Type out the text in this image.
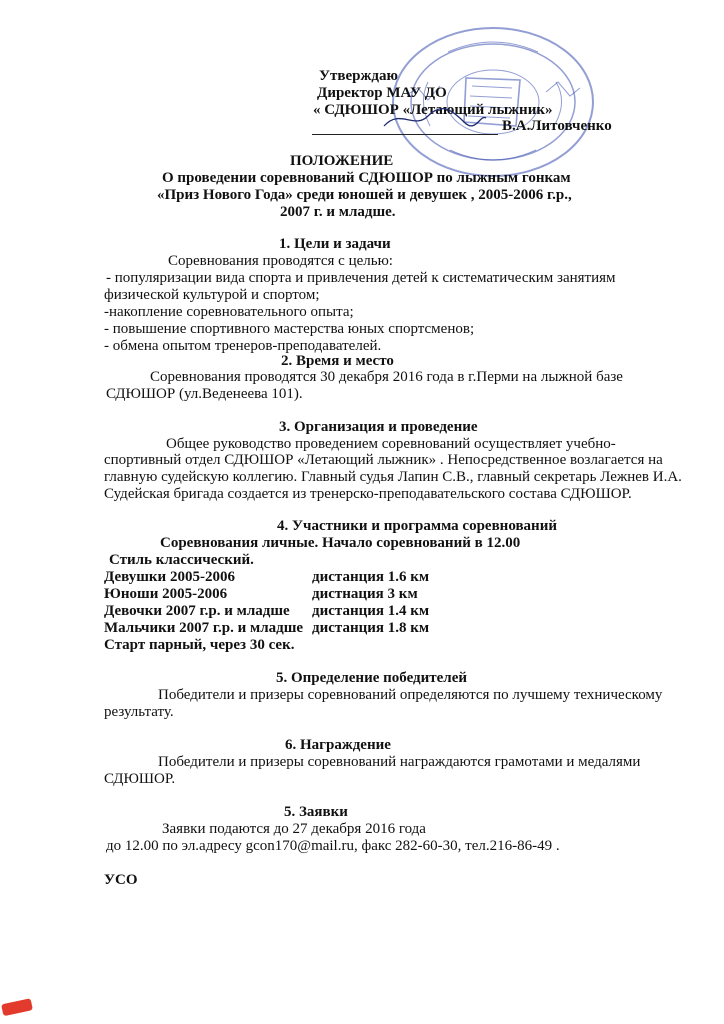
Утверждаю
Директор МАУ ДО
« СДЮШОР «Летающий лыжник»
В.А.Литовченко
ПОЛОЖЕНИЕ
О проведении соревнований СДЮШОР по лыжным гонкам
«Приз Нового Года» среди юношей и девушек , 2005-2006 г.р.,
2007 г. и младше.
1. Цели и задачи
Соревнования проводятся с целью:
- популяризации вида спорта и привлечения детей к систематическим занятиям
физической культурой и спортом;
-накопление соревновательного опыта;
- повышение спортивного мастерства юных спортсменов;
- обмена опытом тренеров-преподавателей.
2. Время и место
Соревнования проводятся 30 декабря 2016 года в г.Перми на лыжной базе
СДЮШОР (ул.Веденеева 101).
3. Организация и проведение
Общее руководство проведением соревнований осуществляет учебно-
спортивный отдел СДЮШОР «Летающий лыжник» . Непосредственное возлагается на
главную судейскую коллегию. Главный судья Лапин С.В., главный секретарь Лежнев И.А.
Судейская бригада создается из тренерско-преподавательского состава СДЮШОР.
4. Участники и программа соревнований
Соревнования личные. Начало соревнований в 12.00
Стиль классический.
Девушки 2005-2006	дистанция 1.6 км
Юноши 2005-2006	дистнация 3 км
Девочки 2007 г.р. и младше дистанция 1.4 км
Мальчики 2007 г.р. и младше дистанция 1.8 км
Старт парный, через 30 сек.
5. Определение победителей
Победители и призеры соревнований определяются по лучшему техническому
результату.
6. Награждение
Победители и призеры соревнований награждаются грамотами и медалями
СДЮШОР.
5. Заявки
Заявки подаются до 27 декабря 2016 года
до 12.00 по эл.адресу gcon170@mail.ru, факс 282-60-30, тел.216-86-49 .
УСО
